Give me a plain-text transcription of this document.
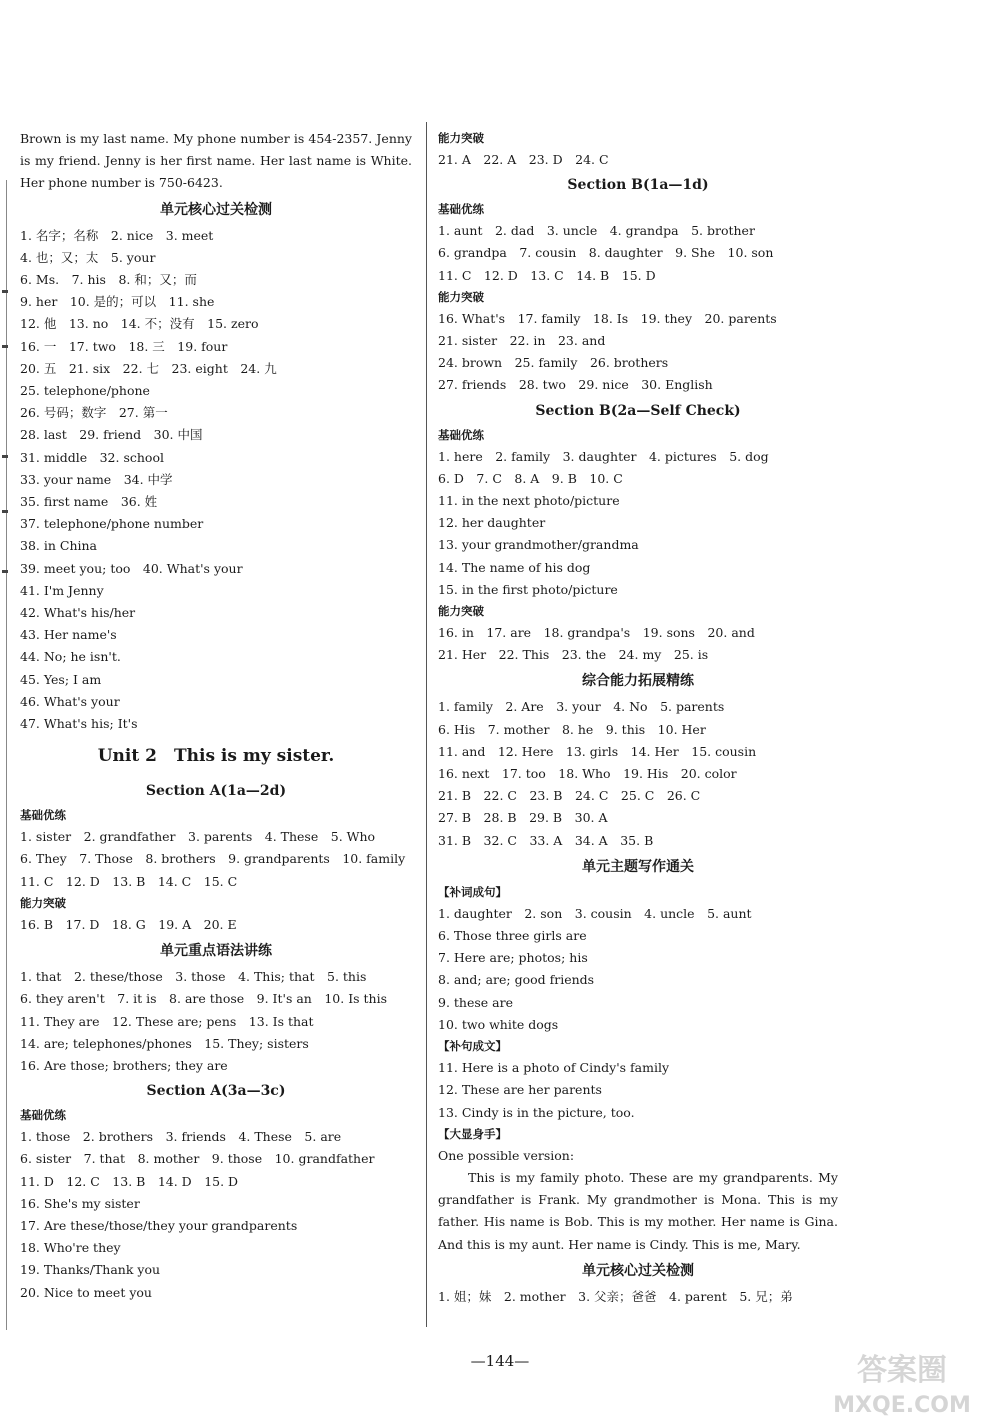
Brown is my last name. My phone number is 454-2357. Jenny is my friend. Jenny is her first name. Her last name is White. Her phone number is 750-6423.
单元核心过关检测
1. 名字；名称　2. nice　3. meet
4. 也；又；太　5. your
6. Ms.　7. his　8. 和；又；而
9. her　10. 是的；可以　11. she
12. 他　13. no　14. 不；没有　15. zero
16. 一　17. two　18. 三　19. four
20. 五　21. six　22. 七　23. eight　24. 九
25. telephone/phone
26. 号码；数字　27. 第一
28. last　29. friend　30. 中国
31. middle　32. school
33. your name　34. 中学
35. first name　36. 姓
37. telephone/phone number
38. in China
39. meet you; too　40. What's your
41. I'm Jenny
42. What's his/her
43. Her name's
44. No; he isn't.
45. Yes; I am
46. What's your
47. What's his; It's
Unit 2　This is my sister.
Section A(1a—2d)
基础优练
1. sister　2. grandfather　3. parents　4. These　5. Who
6. They　7. Those　8. brothers　9. grandparents　10. family
11. C　12. D　13. B　14. C　15. C
能力突破
16. B　17. D　18. G　19. A　20. E
单元重点语法讲练
1. that　2. these/those　3. those　4. This; that　5. this
6. they aren't　7. it is　8. are those　9. It's an　10. Is this
11. They are　12. These are; pens　13. Is that
14. are; telephones/phones　15. They; sisters
16. Are those; brothers; they are
Section A(3a—3c)
基础优练
1. those　2. brothers　3. friends　4. These　5. are
6. sister　7. that　8. mother　9. those　10. grandfather
11. D　12. C　13. B　14. D　15. D
16. She's my sister
17. Are these/those/they your grandparents
18. Who're they
19. Thanks/Thank you
20. Nice to meet you
能力突破
21. A　22. A　23. D　24. C
Section B(1a—1d)
基础优练
1. aunt　2. dad　3. uncle　4. grandpa　5. brother
6. grandpa　7. cousin　8. daughter　9. She　10. son
11. C　12. D　13. C　14. B　15. D
能力突破
16. What's　17. family　18. Is　19. they　20. parents
21. sister　22. in　23. and
24. brown　25. family　26. brothers
27. friends　28. two　29. nice　30. English
Section B(2a—Self Check)
基础优练
1. here　2. family　3. daughter　4. pictures　5. dog
6. D　7. C　8. A　9. B　10. C
11. in the next photo/picture
12. her daughter
13. your grandmother/grandma
14. The name of his dog
15. in the first photo/picture
能力突破
16. in　17. are　18. grandpa's　19. sons　20. and
21. Her　22. This　23. the　24. my　25. is
综合能力拓展精练
1. family　2. Are　3. your　4. No　5. parents
6. His　7. mother　8. he　9. this　10. Her
11. and　12. Here　13. girls　14. Her　15. cousin
16. next　17. too　18. Who　19. His　20. color
21. B　22. C　23. B　24. C　25. C　26. C
27. B　28. B　29. B　30. A
31. B　32. C　33. A　34. A　35. B
单元主题写作通关
【补词成句】
1. daughter　2. son　3. cousin　4. uncle　5. aunt
6. Those three girls are
7. Here are; photos; his
8. and; are; good friends
9. these are
10. two white dogs
【补句成文】
11. Here is a photo of Cindy's family
12. These are her parents
13. Cindy is in the picture, too.
【大显身手】
One possible version:
This is my family photo. These are my grandparents. My grandfather is Frank. My grandmother is Mona. This is my father. His name is Bob. This is my mother. Her name is Gina. And this is my aunt. Her name is Cindy. This is me, Mary.
单元核心过关检测
1. 姐；妹　2. mother　3. 父亲；爸爸　4. parent　5. 兄；弟
—144—	答案圈
MXQE.COM
